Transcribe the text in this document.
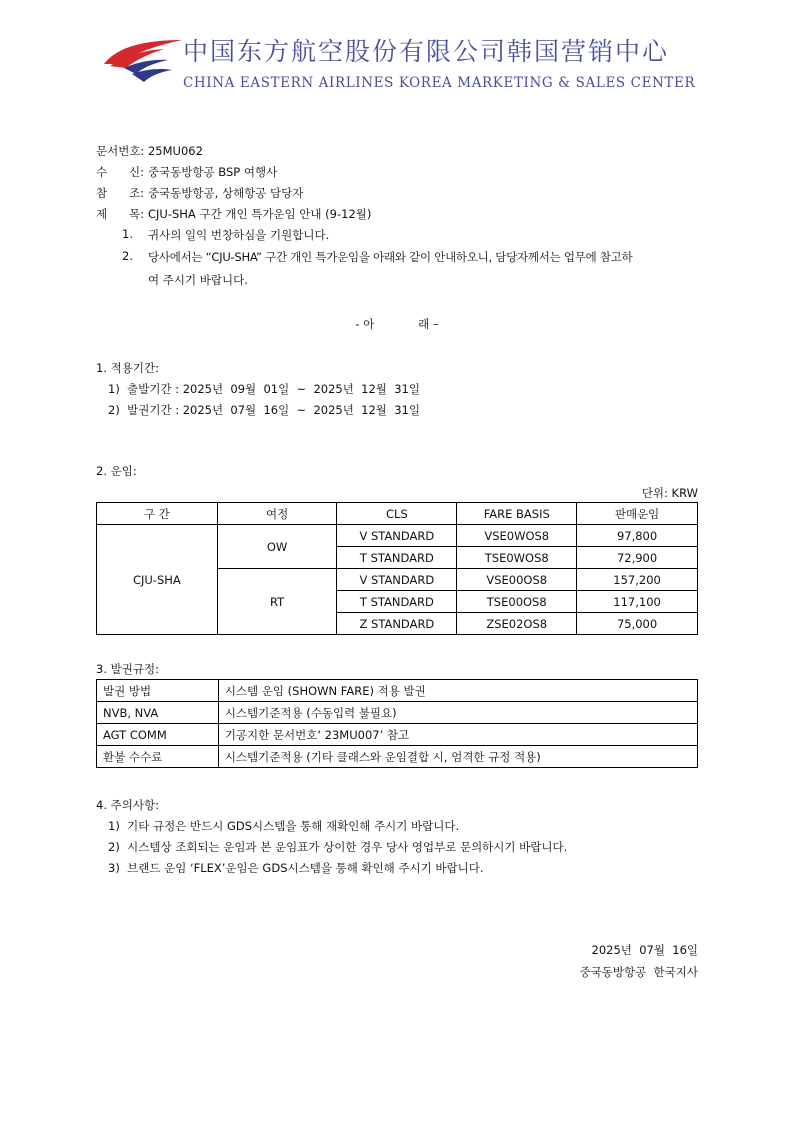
中国东方航空股份有限公司韩国营销中心
CHINA EASTERN AIRLINES KOREA MARKETING & SALES CENTER
문서번호: 25MU062
수      신: 중국동방항공 BSP 여행사
참      조: 중국동방항공, 상해항공 담당자
제      목: CJU-SHA 구간 개인 특가운임 안내 (9-12월)
1. 귀사의 일익 번창하심을 기원합니다.
2. 당사에서는 “CJU-SHA” 구간 개인 특가운임을 아래와 같이 안내하오니, 담당자께서는 업무에 참고하
여 주시기 바랍니다.
- 아            래 –
1. 적용기간:
1)  출발기간 : 2025년  09월  01일  ~  2025년  12월  31일
2)  발권기간 : 2025년  07월  16일  ~  2025년  12월  31일
2. 운임:
단위: KRW
구 간	여정	CLS	FARE BASIS	판매운임
CJU-SHA	OW	V STANDARD	VSE0WOS8	97,800
		T STANDARD	TSE0WOS8	72,900
	RT	V STANDARD	VSE00OS8	157,200
		T STANDARD	TSE00OS8	117,100
		Z STANDARD	ZSE02OS8	75,000
3. 발권규정:
발권 방법	시스템 운임 (SHOWN FARE) 적용 발권
NVB, NVA	시스템기준적용 (수동입력 불필요)
AGT COMM	기공지한 문서번호‘ 23MU007’ 참고
환불 수수료	시스템기준적용 (기타 클래스와 운임결합 시, 엄격한 규정 적용)
4. 주의사항:
1)  기타 규정은 반드시 GDS시스템을 통해 재확인해 주시기 바랍니다.
2)  시스템상 조회되는 운임과 본 운임표가 상이한 경우 당사 영업부로 문의하시기 바랍니다.
3)  브랜드 운임 ‘FLEX’운임은 GDS시스템을 통해 확인해 주시기 바랍니다.
2025년  07월  16일
중국동방항공  한국지사
